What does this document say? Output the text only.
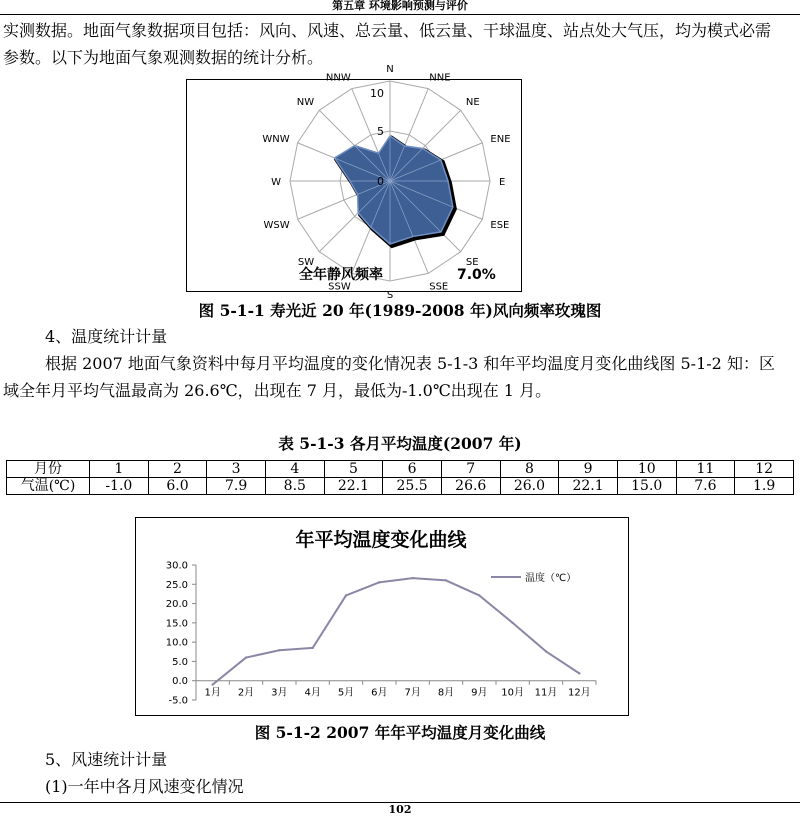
第五章 环境影响预测与评价

实测数据。地面气象数据项目包括：风向、风速、总云量、低云量、干球温度、站点处大气压，均为模式必需参数。以下为地面气象观测数据的统计分析。

N
NNE
NE
ENE
E
ESE
SE
SSE
S
SSW
SW
WSW
W
WNW
NW
NNW
10
5
0
全年静风频率	7.0%
图 5-1-1 寿光近 20 年(1989-2008 年)风向频率玫瑰图

4、温度统计计量

根据 2007 地面气象资料中每月平均温度的变化情况表 5-1-3 和年平均温度月变化曲线图 5-1-2 知：区域全年月平均气温最高为 26.6℃，出现在 7 月，最低为-1.0℃出现在 1 月。

表 5-1-3 各月平均温度(2007 年)
月份	1	2	3	4	5	6	7	8	9	10	11	12
气温(℃)	-1.0	6.0	7.9	8.5	22.1	25.5	26.6	26.0	22.1	15.0	7.6	1.9
年平均温度变化曲线
30.0
25.0
20.0
15.0
10.0
5.0
0.0
-5.0
1月 2月 3月 4月 5月 6月 7月 8月 9月 10月 11月 12月
温度（℃）
图 5-1-2 2007 年年平均温度月变化曲线

5、风速统计计量

(1)一年中各月风速变化情况

102
